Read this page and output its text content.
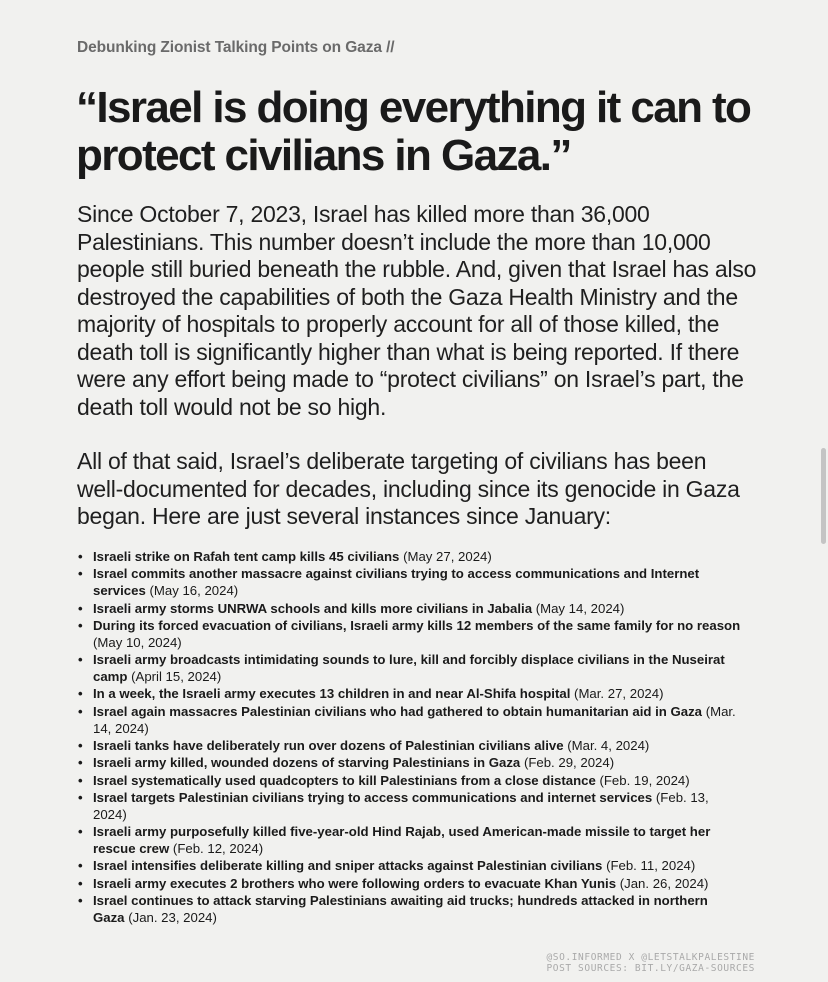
Debunking Zionist Talking Points on Gaza //
“Israel is doing everything it can to protect civilians in Gaza.”

Since October 7, 2023, Israel has killed more than 36,000 Palestinians. This number doesn’t include the more than 10,000 people still buried beneath the rubble. And, given that Israel has also destroyed the capabilities of both the Gaza Health Ministry and the majority of hospitals to properly account for all of those killed, the death toll is significantly higher than what is being reported. If there were any effort being made to “protect civilians” on Israel’s part, the death toll would not be so high.

All of that said, Israel’s deliberate targeting of civilians has been well-documented for decades, including since its genocide in Gaza began. Here are just several instances since January:

• Israeli strike on Rafah tent camp kills 45 civilians (May 27, 2024)
• Israel commits another massacre against civilians trying to access communications and Internet services (May 16, 2024)
• Israeli army storms UNRWA schools and kills more civilians in Jabalia (May 14, 2024)
• During its forced evacuation of civilians, Israeli army kills 12 members of the same family for no reason (May 10, 2024)
• Israeli army broadcasts intimidating sounds to lure, kill and forcibly displace civilians in the Nuseirat camp (April 15, 2024)
• In a week, the Israeli army executes 13 children in and near Al-Shifa hospital (Mar. 27, 2024)
• Israel again massacres Palestinian civilians who had gathered to obtain humanitarian aid in Gaza (Mar. 14, 2024)
• Israeli tanks have deliberately run over dozens of Palestinian civilians alive (Mar. 4, 2024)
• Israeli army killed, wounded dozens of starving Palestinians in Gaza (Feb. 29, 2024)
• Israel systematically used quadcopters to kill Palestinians from a close distance (Feb. 19, 2024)
• Israel targets Palestinian civilians trying to access communications and internet services (Feb. 13, 2024)
• Israeli army purposefully killed five-year-old Hind Rajab, used American-made missile to target her rescue crew (Feb. 12, 2024)
• Israel intensifies deliberate killing and sniper attacks against Palestinian civilians (Feb. 11, 2024)
• Israeli army executes 2 brothers who were following orders to evacuate Khan Yunis (Jan. 26, 2024)
• Israel continues to attack starving Palestinians awaiting aid trucks; hundreds attacked in northern Gaza (Jan. 23, 2024)
@SO.INFORMED X @LETSTALKPALESTINE
POST SOURCES: BIT.LY/GAZA-SOURCES
